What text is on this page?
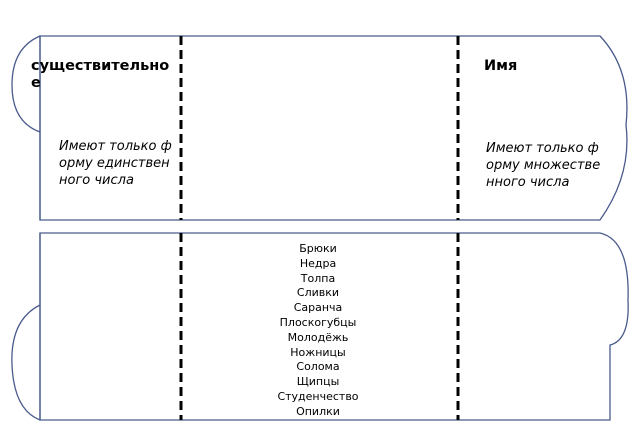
существительное

Имя

Имеют только форму единственного числа

Имеют только форму множественного числа

Брюки
Недра
Толпа
Сливки
Саранча
Плоскогубцы
Молодёжь
Ножницы
Солома
Щипцы
Студенчество
Опилки
